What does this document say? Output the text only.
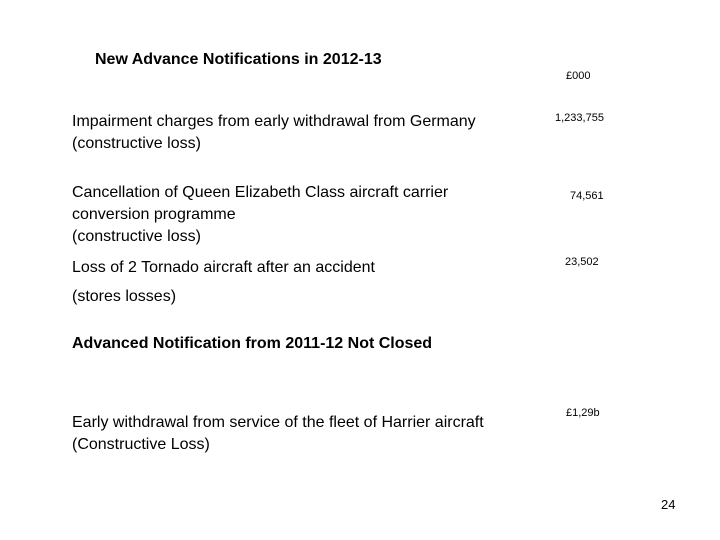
New Advance Notifications in 2012-13
£000
Impairment charges from early withdrawal from Germany
(constructive loss)
1,233,755
Cancellation of Queen Elizabeth Class aircraft carrier
conversion programme
(constructive loss)
74,561
Loss of 2 Tornado aircraft after an accident
(stores losses)
23,502
Advanced Notification from 2011-12 Not Closed
Early withdrawal from service of the fleet of Harrier aircraft
(Constructive Loss)
£1,29b
24
